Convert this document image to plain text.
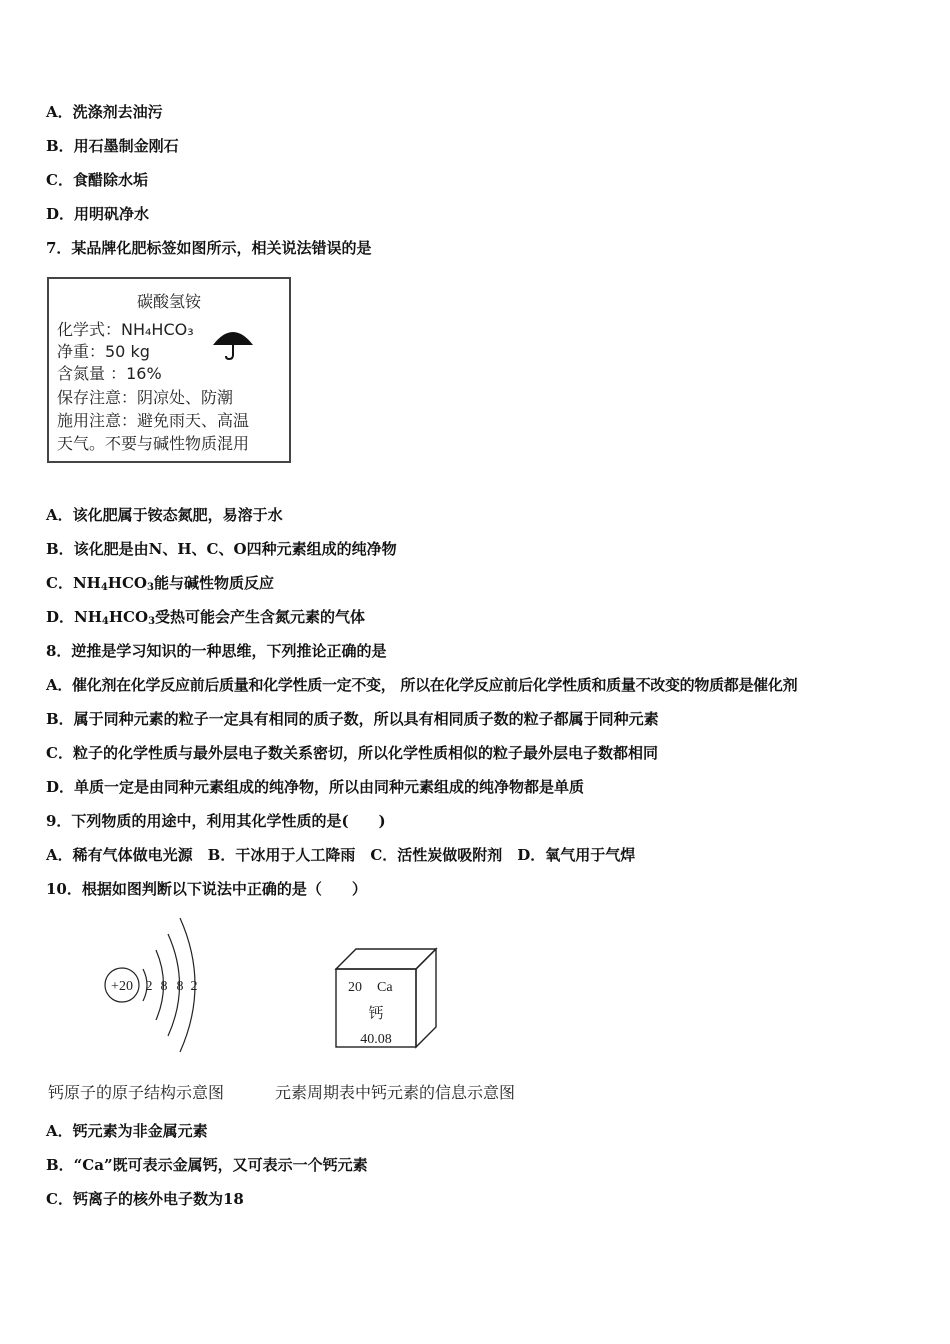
A．洗涤剂去油污
B．用石墨制金刚石
C．食醋除水垢
D．用明矾净水
7．某品牌化肥标签如图所示，相关说法错误的是
碳酸氢铵
化学式：NH₄HCO₃
净重：50 kg
含氮量 ：16%
保存注意：阴凉处、防潮
施用注意：避免雨天、高温
天气。不要与碱性物质混用
A．该化肥属于铵态氮肥，易溶于水
B．该化肥是由N、H、C、O四种元素组成的纯净物
C．$NH_4HCO_3$能与碱性物质反应
D．$NH_4HCO_3$受热可能会产生含氮元素的气体
8．逆推是学习知识的一种思维，下列推论正确的是
A．催化剂在化学反应前后质量和化学性质一定不变， 所以在化学反应前后化学性质和质量不改变的物质都是催化剂
B．属于同种元素的粒子一定具有相同的质子数，所以具有相同质子数的粒子都属于同种元素
C．粒子的化学性质与最外层电子数关系密切，所以化学性质相似的粒子最外层电子数都相同
D．单质一定是由同种元素组成的纯净物，所以由同种元素组成的纯净物都是单质
9．下列物质的用途中，利用其化学性质的是(　　)
A．稀有气体做电光源　B．干冰用于人工降雨　C．活性炭做吸附剂　D．氧气用于气焊
10．根据如图判断以下说法中正确的是（　　）
+20 2 8 8 2	20 Ca
钙
40.08
钙原子的原子结构示意图	元素周期表中钙元素的信息示意图
A．钙元素为非金属元素
B．“Ca”既可表示金属钙，又可表示一个钙元素
C．钙离子的核外电子数为18
